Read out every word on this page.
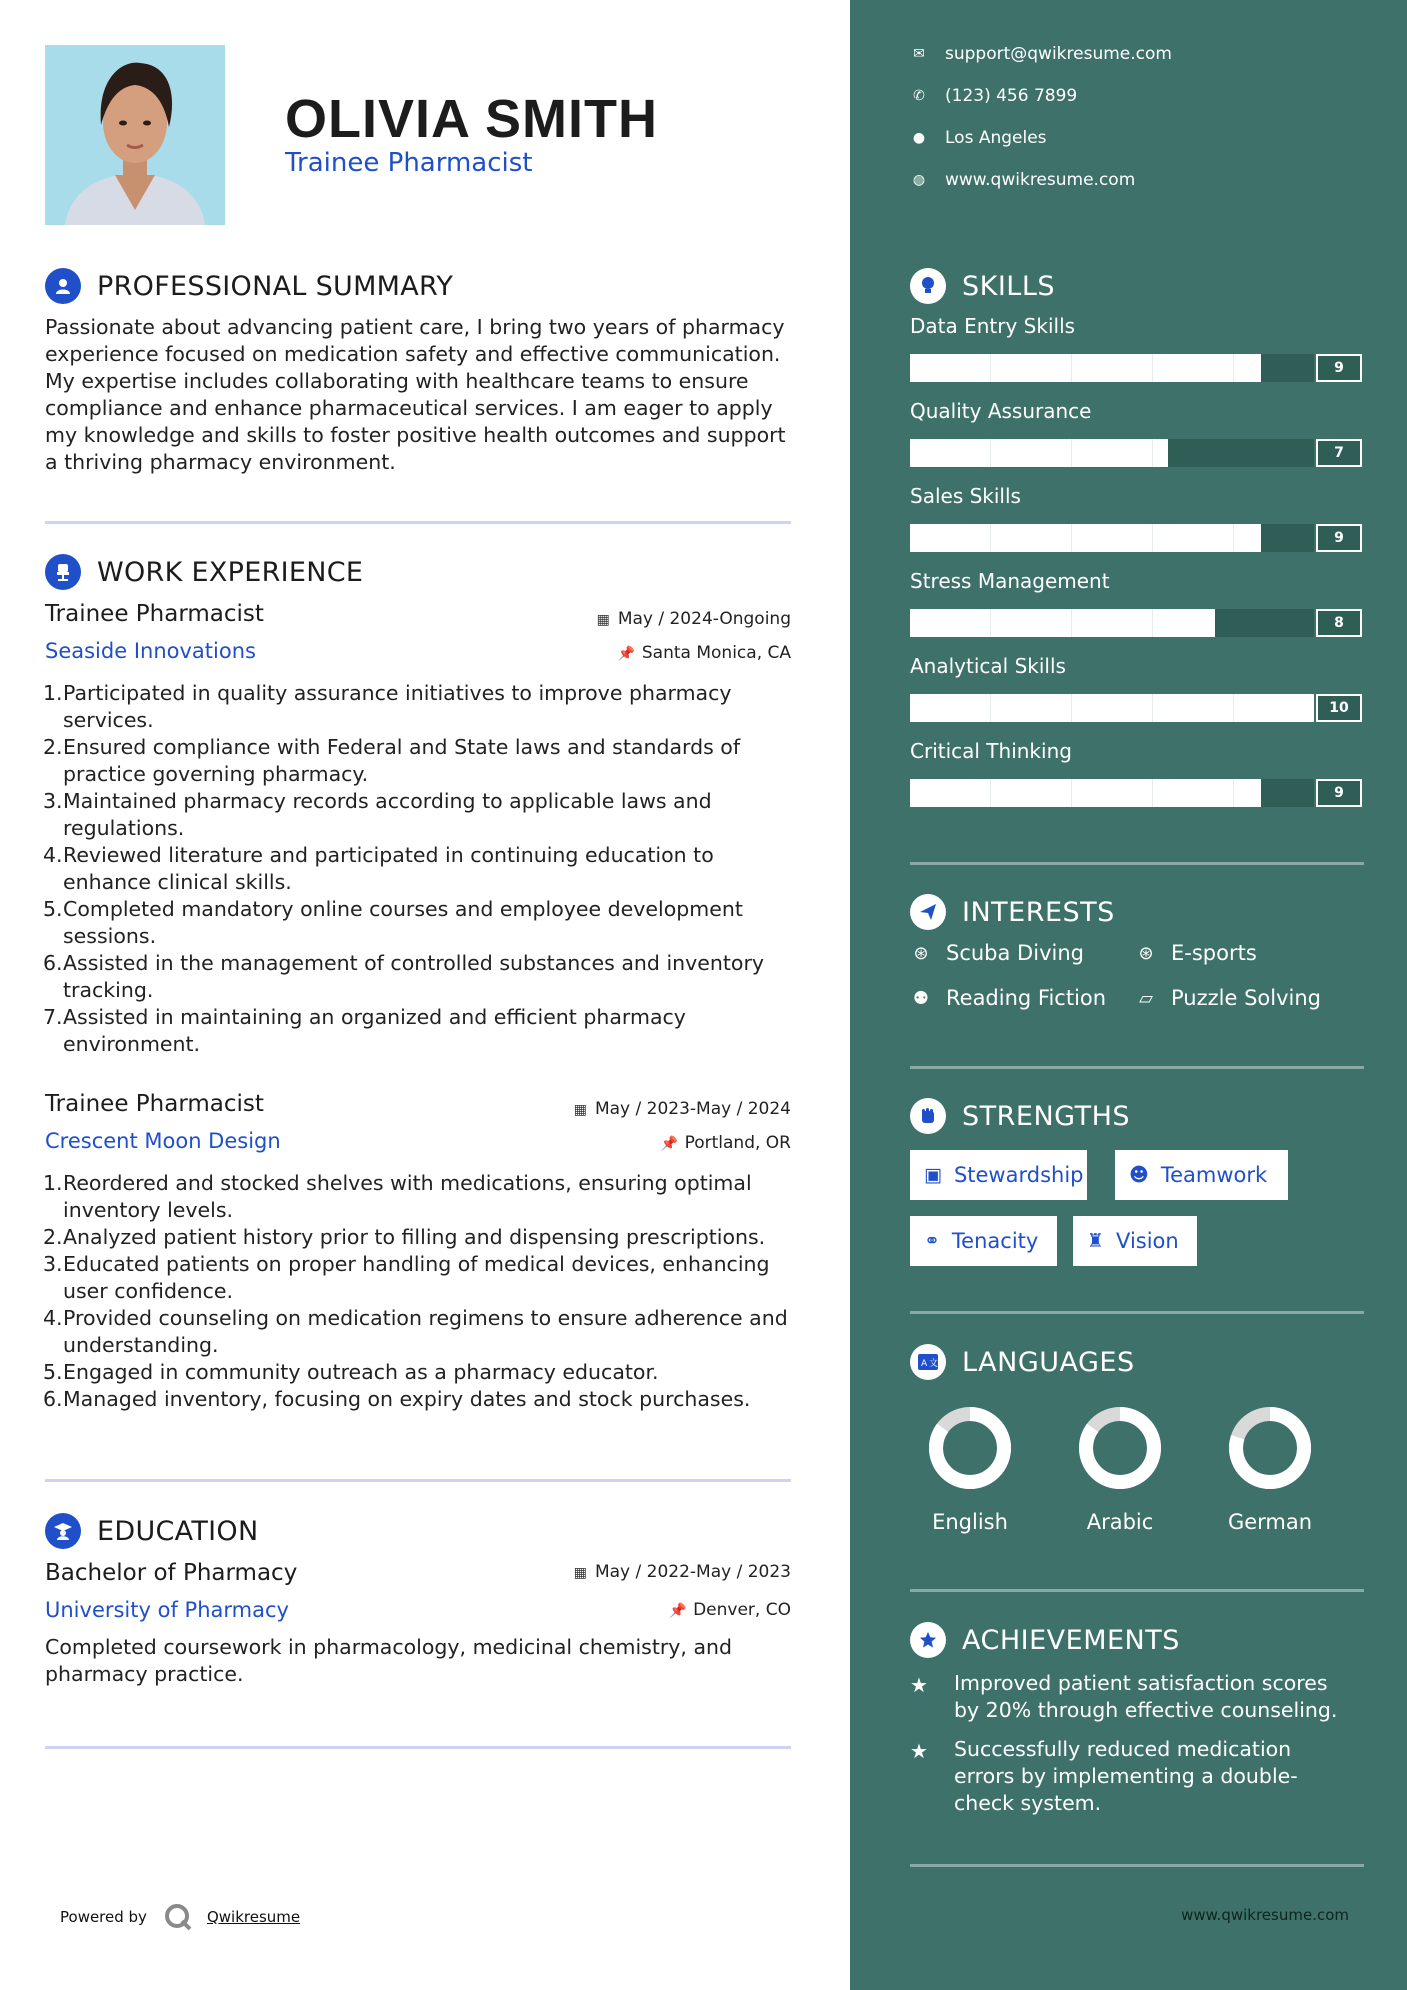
OLIVIA SMITH
Trainee Pharmacist
PROFESSIONAL SUMMARY
Passionate about advancing patient care, I bring two years of pharmacy experience focused on medication safety and effective communication. My expertise includes collaborating with healthcare teams to ensure compliance and enhance pharmaceutical services. I am eager to apply my knowledge and skills to foster positive health outcomes and support a thriving pharmacy environment.
WORK EXPERIENCE
Trainee Pharmacist	▦ May / 2024-Ongoing
Seaside Innovations	📌 Santa Monica, CA
1. Participated in quality assurance initiatives to improve pharmacy services.
2. Ensured compliance with Federal and State laws and standards of practice governing pharmacy.
3. Maintained pharmacy records according to applicable laws and regulations.
4. Reviewed literature and participated in continuing education to enhance clinical skills.
5. Completed mandatory online courses and employee development sessions.
6. Assisted in the management of controlled substances and inventory tracking.
7. Assisted in maintaining an organized and efficient pharmacy environment.
Trainee Pharmacist	▦ May / 2023-May / 2024
Crescent Moon Design	📌 Portland, OR
1. Reordered and stocked shelves with medications, ensuring optimal inventory levels.
2. Analyzed patient history prior to filling and dispensing prescriptions.
3. Educated patients on proper handling of medical devices, enhancing user confidence.
4. Provided counseling on medication regimens to ensure adherence and understanding.
5. Engaged in community outreach as a pharmacy educator.
6. Managed inventory, focusing on expiry dates and stock purchases.
EDUCATION
Bachelor of Pharmacy	▦ May / 2022-May / 2023
University of Pharmacy	📌 Denver, CO
Completed coursework in pharmacology, medicinal chemistry, and pharmacy practice.
Powered by	Qwikresume
✉ support@qwikresume.com
✆ (123) 456 7899
● Los Angeles
◍ www.qwikresume.com
SKILLS
Data Entry Skills
9
Quality Assurance
7
Sales Skills
9
Stress Management
8
Analytical Skills
10
Critical Thinking
9
INTERESTS
⊛ Scuba Diving	⊛ E-sports
⚉ Reading Fiction ▱ Puzzle Solving
STRENGTHS
▣ Stewardship ☻ Teamwork
⚭ Tenacity	♜ Vision
A 文 LANGUAGES
English	Arabic	German
ACHIEVEMENTS
★	Improved patient satisfaction scores by 20% through effective counseling.
★	Successfully reduced medication errors by implementing a double-check system.
www.qwikresume.com
